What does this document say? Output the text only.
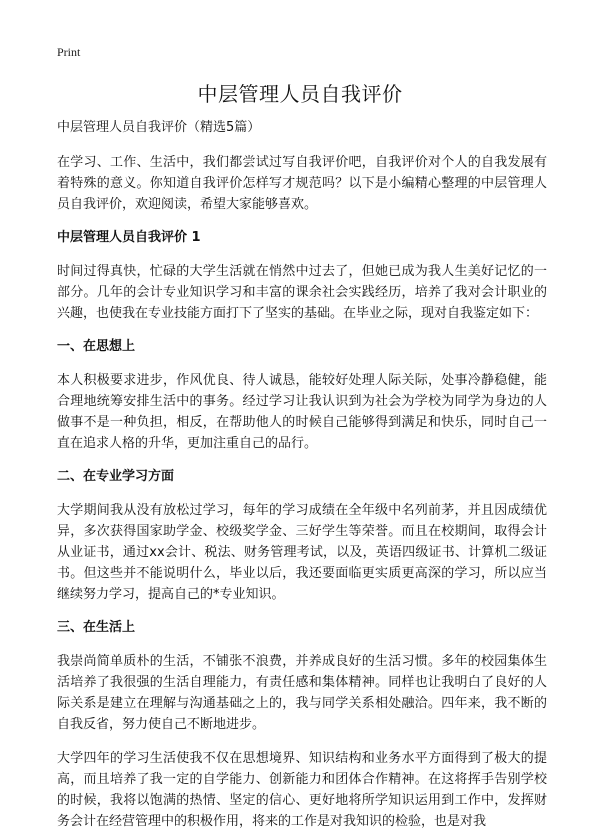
Print
中层管理人员自我评价
中层管理人员自我评价（精选5篇）

在学习、工作、生活中，我们都尝试过写自我评价吧，自我评价对个人的自我发展有着特殊的意义。你知道自我评价怎样写才规范吗？以下是小编精心整理的中层管理人员自我评价，欢迎阅读，希望大家能够喜欢。

中层管理人员自我评价 1

时间过得真快，忙碌的大学生活就在悄然中过去了，但她已成为我人生美好记忆的一部分。几年的会计专业知识学习和丰富的课余社会实践经历，培养了我对会计职业的兴趣，也使我在专业技能方面打下了坚实的基础。在毕业之际，现对自我鉴定如下：

一、在思想上

本人积极要求进步，作风优良、待人诚恳，能较好处理人际关际，处事冷静稳健，能合理地统筹安排生活中的事务。经过学习让我认识到为社会为学校为同学为身边的人做事不是一种负担，相反，在帮助他人的时候自己能够得到满足和快乐，同时自己一直在追求人格的升华，更加注重自己的品行。

二、在专业学习方面

大学期间我从没有放松过学习，每年的学习成绩在全年级中名列前茅，并且因成绩优异，多次获得国家助学金、校级奖学金、三好学生等荣誉。而且在校期间，取得会计从业证书，通过xx会计、税法、财务管理考试，以及，英语四级证书、计算机二级证书。但这些并不能说明什么，毕业以后，我还要面临更实质更高深的学习，所以应当继续努力学习，提高自己的*专业知识。

三、在生活上

我崇尚简单质朴的生活，不铺张不浪费，并养成良好的生活习惯。多年的校园集体生活培养了我很强的生活自理能力，有责任感和集体精神。同样也让我明白了良好的人际关系是建立在理解与沟通基础之上的，我与同学关系相处融洽。四年来，我不断的自我反省，努力使自己不断地进步。

大学四年的学习生活使我不仅在思想境界、知识结构和业务水平方面得到了极大的提高，而且培养了我一定的自学能力、创新能力和团体合作精神。在这将挥手告别学校的时候，我将以饱满的热情、坚定的信心、更好地将所学知识运用到工作中，发挥财务会计在经营管理中的积极作用，将来的工作是对我知识的检验，也是对我
